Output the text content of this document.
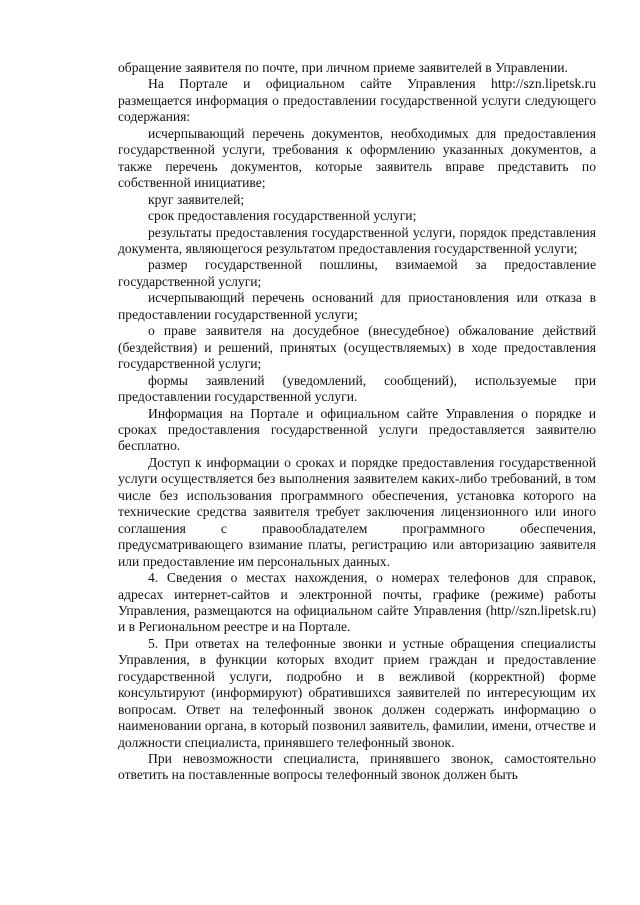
обращение заявителя по почте, при личном приеме заявителей в Управлении.

На Портале и официальном сайте Управления http://szn.lipetsk.ru размещается информация о предоставлении государственной услуги следующего содержания:

исчерпывающий перечень документов, необходимых для предоставления государственной услуги, требования к оформлению указанных документов, а также перечень документов, которые заявитель вправе представить по собственной инициативе;

круг заявителей;

срок предоставления государственной услуги;

результаты предоставления государственной услуги, порядок представления документа, являющегося результатом предоставления государственной услуги;

размер государственной пошлины, взимаемой за предоставление государственной услуги;

исчерпывающий перечень оснований для приостановления или отказа в предоставлении государственной услуги;

о праве заявителя на досудебное (внесудебное) обжалование действий (бездействия) и решений, принятых (осуществляемых) в ходе предоставления государственной услуги;

формы заявлений (уведомлений, сообщений), используемые при предоставлении государственной услуги.

Информация на Портале и официальном сайте Управления о порядке и сроках предоставления государственной услуги предоставляется заявителю бесплатно.

Доступ к информации о сроках и порядке предоставления государственной услуги осуществляется без выполнения заявителем каких-либо требований, в том числе без использования программного обеспечения, установка которого на технические средства заявителя требует заключения лицензионного или иного соглашения с правообладателем программного обеспечения, предусматривающего взимание платы, регистрацию или авторизацию заявителя или предоставление им персональных данных.

4. Сведения о местах нахождения, о номерах телефонов для справок, адресах интернет-сайтов и электронной почты, графике (режиме) работы Управления, размещаются на официальном сайте Управления (http//szn.lipetsk.ru) и в Региональном реестре и на Портале.

5. При ответах на телефонные звонки и устные обращения специалисты Управления, в функции которых входит прием граждан и предоставление государственной услуги, подробно и в вежливой (корректной) форме консультируют (информируют) обратившихся заявителей по интересующим их вопросам. Ответ на телефонный звонок должен содержать информацию о наименовании органа, в который позвонил заявитель, фамилии, имени, отчестве и должности специалиста, принявшего телефонный звонок.

При невозможности специалиста, принявшего звонок, самостоятельно ответить на поставленные вопросы телефонный звонок должен быть
